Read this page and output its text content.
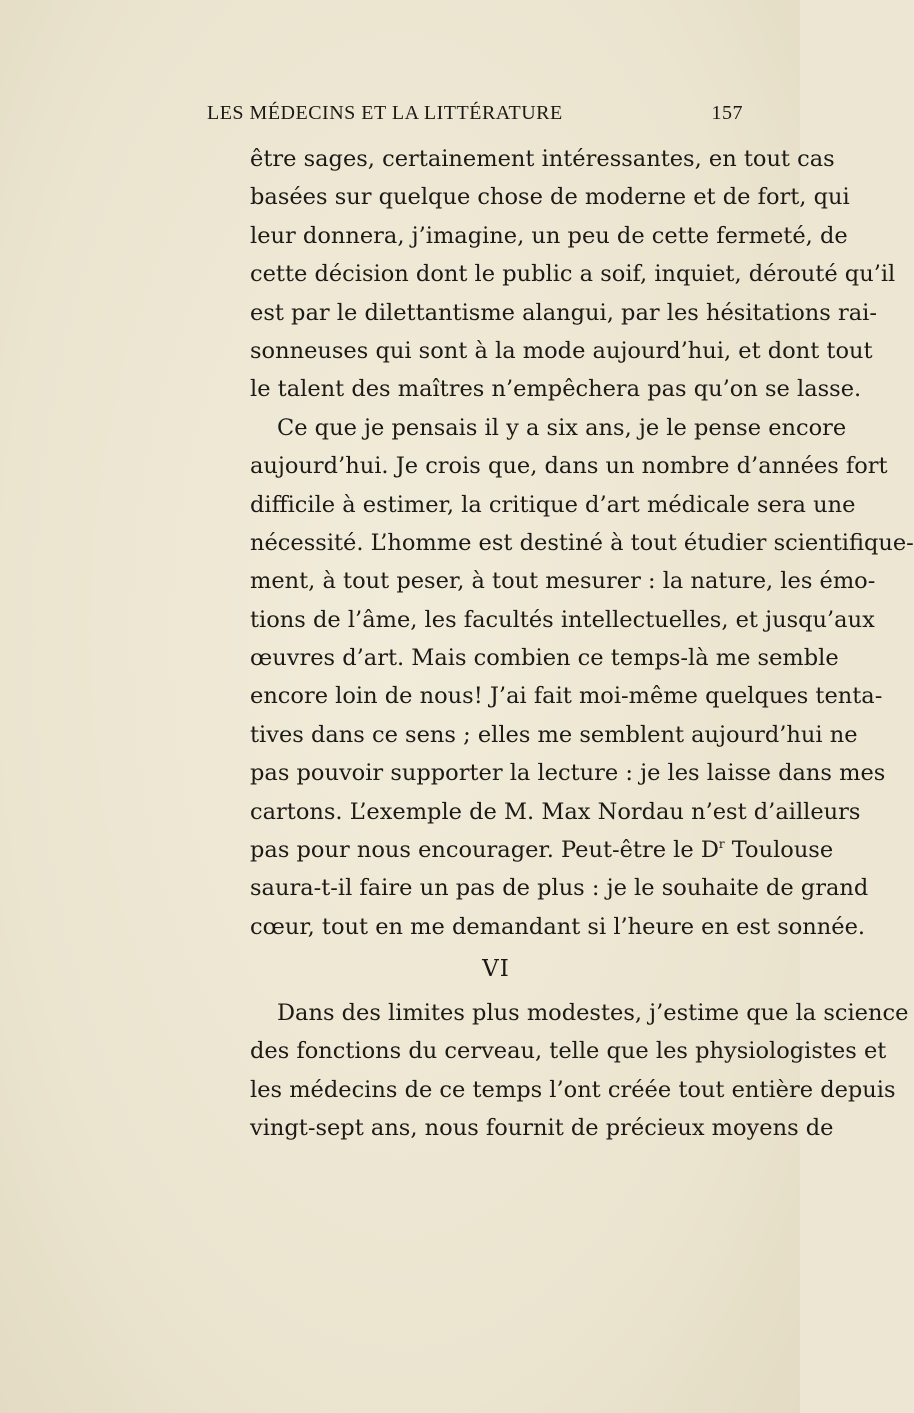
LES MÉDECINS ET LA LITTÉRATURE	157
être sages, certainement intéressantes, en tout cas
basées sur quelque chose de moderne et de fort, qui
leur donnera, j’imagine, un peu de cette fermeté, de
cette décision dont le public a soif, inquiet, dérouté qu’il
est par le dilettantisme alangui, par les hésitations rai-
sonneuses qui sont à la mode aujourd’hui, et dont tout
le talent des maîtres n’empêchera pas qu’on se lasse.
Ce que je pensais il y a six ans, je le pense encore
aujourd’hui. Je crois que, dans un nombre d’années fort
difficile à estimer, la critique d’art médicale sera une
nécessité. L’homme est destiné à tout étudier scientifique-
ment, à tout peser, à tout mesurer : la nature, les émo-
tions de l’âme, les facultés intellectuelles, et jusqu’aux
œuvres d’art. Mais combien ce temps-là me semble
encore loin de nous! J’ai fait moi-même quelques tenta-
tives dans ce sens ; elles me semblent aujourd’hui ne
pas pouvoir supporter la lecture : je les laisse dans mes
cartons. L’exemple de M. Max Nordau n’est d’ailleurs
pas pour nous encourager. Peut-être le $D^r$ Toulouse
saura-t-il faire un pas de plus : je le souhaite de grand
cœur, tout en me demandant si l’heure en est sonnée.
VI
Dans des limites plus modestes, j’estime que la science
des fonctions du cerveau, telle que les physiologistes et
les médecins de ce temps l’ont créée tout entière depuis
vingt-sept ans, nous fournit de précieux moyens de
